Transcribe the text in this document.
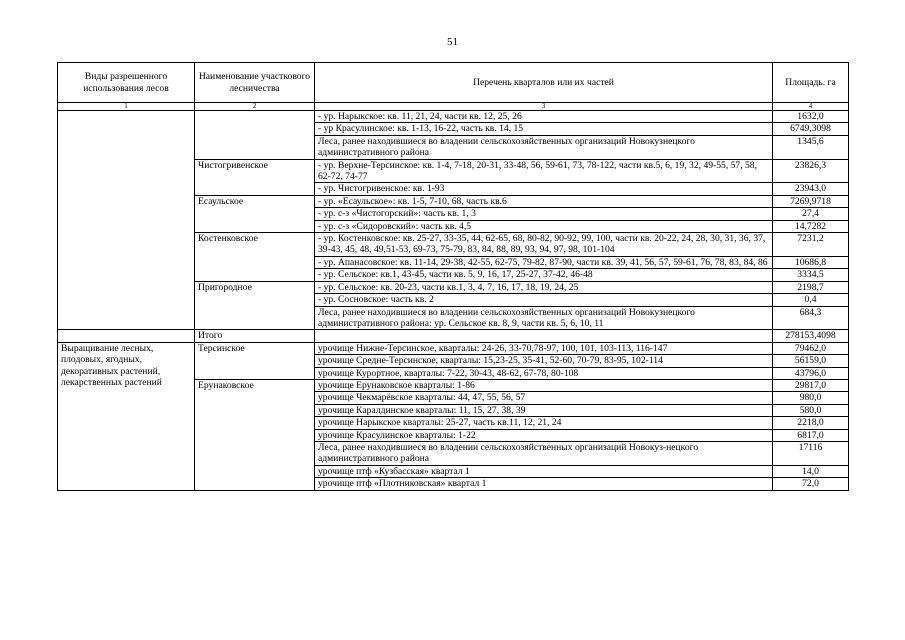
51
Виды разрешенного использования лесов	Наименование участкового лесничества	Перечень кварталов или их частей	Площадь. га
1	2	3	4
		- ур. Нарыкское: кв. 11, 21, 24, части кв. 12, 25, 26	1632,0
		- ур Красулинское: кв. 1-13, 16-22, часть кв. 14, 15	6749,3098
		Леса, ранее находившиеся во владении сельскохозяйственных организаций Новокузнецкого административного района	1345,6
	Чистогривенское	- ур. Верхне-Терсинское: кв. 1-4, 7-18, 20-31, 33-48, 56, 59-61, 73, 78-122, части кв.5, 6, 19, 32, 49-55, 57, 58, 62-72, 74-77	23826,3
		- ур. Чистогривенское: кв. 1-93	23943,0
	Есаульское	- ур. «Есаульское»: кв. 1-5, 7-10, 68, часть кв.6	7269,9718
		- ур. с-з «Чистогорский»: часть кв. 1, 3	27,4
		- ур. с-з «Сидоровский»: часть кв. 4,5	14,7282
	Костенковское	- ур. Костенковское: кв. 25-27, 33-35, 44, 62-65, 68, 80-82, 90-92, 99, 100, части кв. 20-22, 24, 28, 30, 31, 36, 37, 39-43, 45, 48, 49,51-53, 69-73, 75-79, 83, 84, 88, 89, 93, 94, 97, 98, 101-104	7231,2
		- ур. Апанасовское: кв. 11-14, 29-38, 42-55, 62-75, 79-82, 87-90, части кв. 39, 41, 56, 57, 59-61, 76, 78, 83, 84, 86	10686,8
		- ур. Сельское: кв.1, 43-45, части кв. 5, 9, 16, 17, 25-27, 37-42, 46-48	3334,5
	Пригородное	- ур. Сельское: кв. 20-23, части кв.1, 3, 4, 7, 16, 17, 18, 19, 24, 25	2198,7
		- ур. Сосновское: часть кв. 2	0,4
		Леса, ранее находившиеся во владении сельскохозяйственных организаций Новокузнецкого административного района: ур. Сельское кв. 8, 9, части кв. 5, 6, 10, 11	684,3
	Итого		278153,4098
Выращивание лесных, плодовых, ягодных, декоративных растений, лекарственных растений	Терсинское	урочище Нижне-Терсинское, кварталы: 24-26, 33-70,78-97, 100, 101, 103-113, 116-147	79462,0
		урочище Средне-Терсинское, кварталы: 15,23-25, 35-41, 52-60, 70-79, 83-95, 102-114	56159,0
		урочище Курортное, кварталы: 7-22, 30-43, 48-62, 67-78, 80-108	43796,0
	Ерунаковское	урочище Ерунаковское кварталы: 1-86	29817,0
		урочище Чекмарёвское кварталы: 44, 47, 55, 56, 57	980,0
		урочище Каралдинское кварталы: 11, 15, 27, 38, 39	580,0
		урочище Нарыкское кварталы: 25-27, часть кв.11, 12, 21, 24	2218,0
		урочище Красулинское кварталы: 1-22	6817,0
		Леса, ранее находившиеся во владении сельскохозяйственных организаций Новокуз-нецкого административного района	17116
		урочище птф «Кузбасская» квартал 1	14,0
		урочище птф «Плотниковская» квартал 1	72,0
